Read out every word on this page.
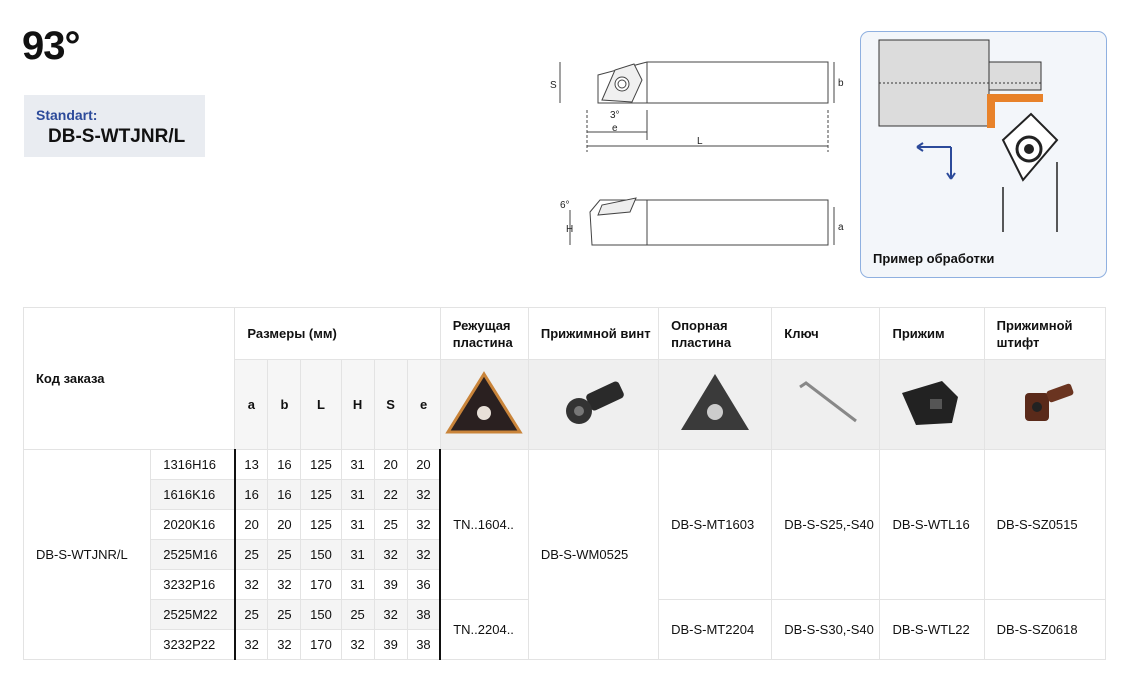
93°
Standart:
DB-S-WTJNR/L
S	b
3°
e
L
6°
H	a
Пример обработки
Код заказа		Размеры (мм)						Режущая пластина	Прижимной винт	Опорная пластина	Ключ	Прижим	Прижимной штифт
		a	b	L	H	S	e						
DB-S-WTJNR/L	1316H16	13	16	125	31	20	20	TN..1604..	DB-S-WM0525	DB-S-MT1603	DB-S-S25,-S40	DB-S-WTL16	DB-S-SZ0515
	1616K16	16	16	125	31	22	32						
	2020K16	20	20	125	31	25	32						
	2525M16	25	25	150	31	32	32						
	3232P16	32	32	170	31	39	36						
	2525M22	25	25	150	25	32	38	TN..2204..		DB-S-MT2204	DB-S-S30,-S40	DB-S-WTL22	DB-S-SZ0618
	3232P22	32	32	170	32	39	38						
